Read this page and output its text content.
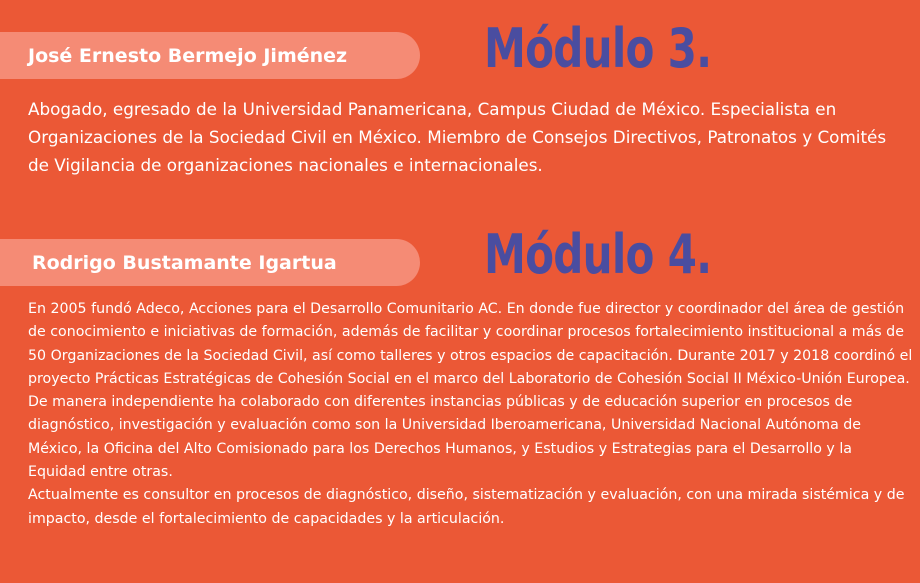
José Ernesto Bermejo Jiménez	Módulo 3.

Abogado, egresado de la Universidad Panamericana, Campus Ciudad de México. Especialista en Organizaciones de la Sociedad Civil en México. Miembro de Consejos Directivos, Patronatos y Comités de Vigilancia de organizaciones nacionales e internacionales.

Rodrigo Bustamante Igartua	Módulo 4.
En 2005 fundó Adeco, Acciones para el Desarrollo Comunitario AC. En donde fue director y coordinador del área de gestión de conocimiento e iniciativas de formación, además de facilitar y coordinar procesos fortalecimiento institucional a más de 50 Organizaciones de la Sociedad Civil, así como talleres y otros espacios de capacitación. Durante 2017 y 2018 coordinó el proyecto Prácticas Estratégicas de Cohesión Social en el marco del Laboratorio de Cohesión Social II México-Unión Europea.
De manera independiente ha colaborado con diferentes instancias públicas y de educación superior en procesos de diagnóstico, investigación y evaluación como son la Universidad Iberoamericana, Universidad Nacional Autónoma de México, la Oficina del Alto Comisionado para los Derechos Humanos, y Estudios y Estrategias para el Desarrollo y la Equidad entre otras.
Actualmente es consultor en procesos de diagnóstico, diseño, sistematización y evaluación, con una mirada sistémica y de impacto, desde el fortalecimiento de capacidades y la articulación.
